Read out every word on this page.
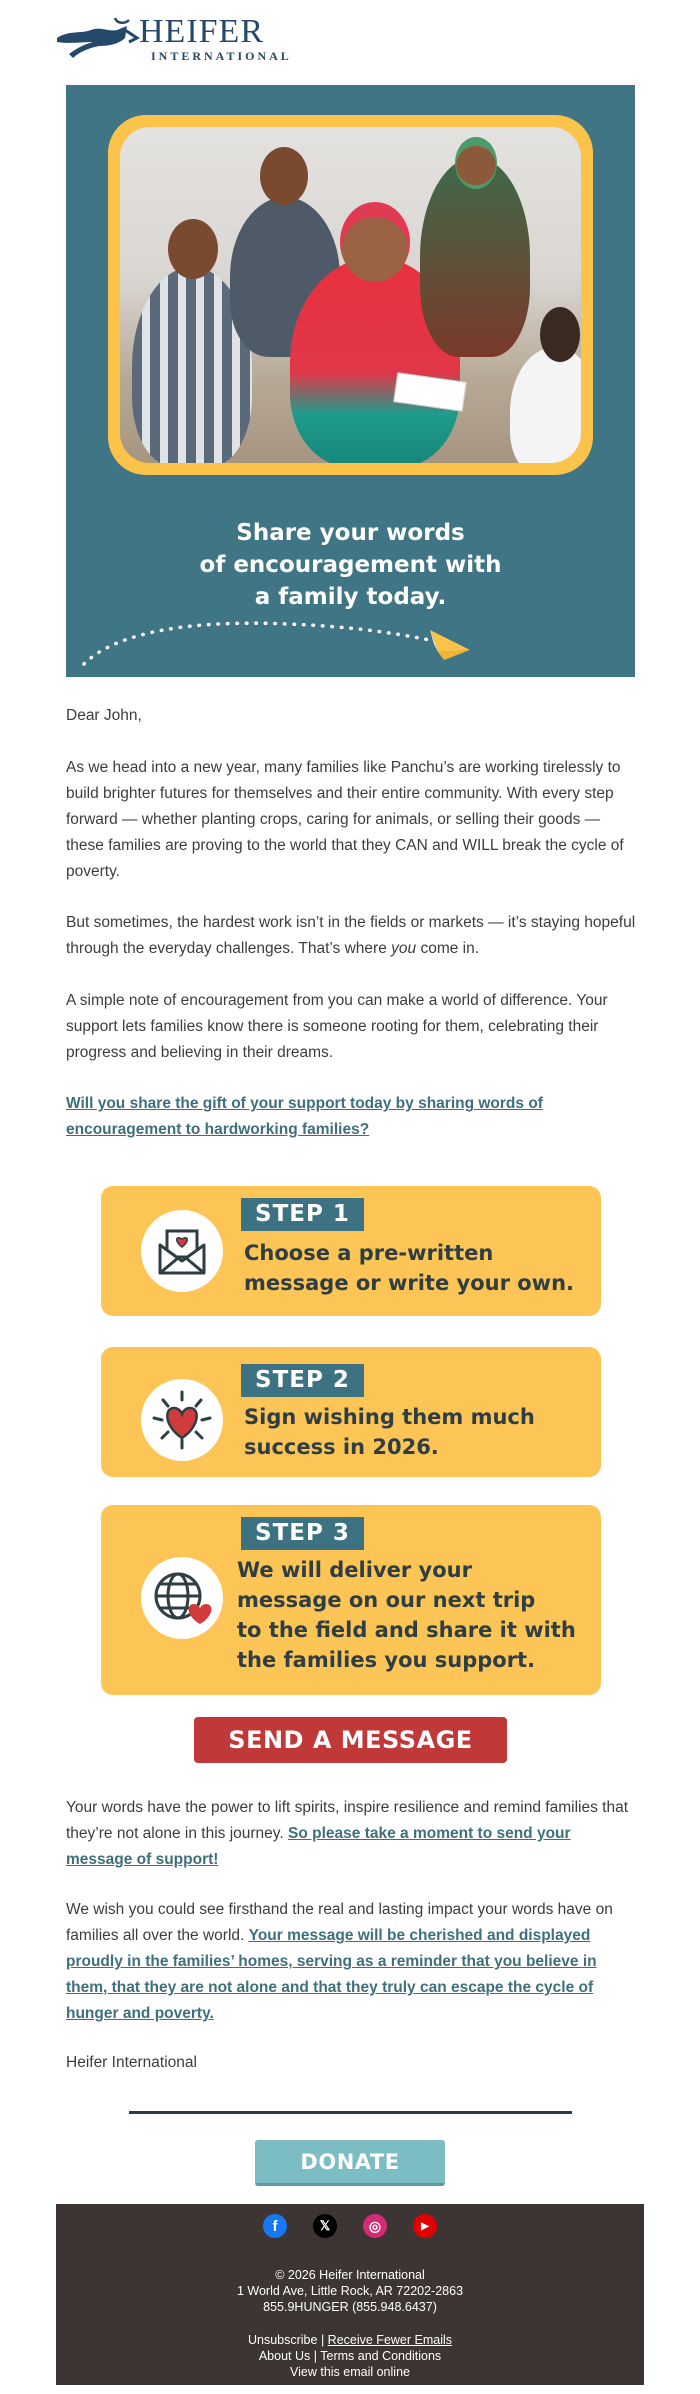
HEIFER
INTERNATIONAL
Share your words
of encouragement with
a family today.
Dear John,
As we head into a new year, many families like Panchu’s are working tirelessly to build brighter futures for themselves and their entire community. With every step forward — whether planting crops, caring for animals, or selling their goods — these families are proving to the world that they CAN and WILL break the cycle of poverty.
But sometimes, the hardest work isn’t in the fields or markets — it’s staying hopeful through the everyday challenges. That’s where you come in.
A simple note of encouragement from you can make a world of difference. Your support lets families know there is someone rooting for them, celebrating their progress and believing in their dreams.
Will you share the gift of your support today by sharing words of encouragement to hardworking families?
STEP 1
Choose a pre-written
message or write your own.
STEP 2
Sign wishing them much
success in 2026.
STEP 3
We will deliver your
message on our next trip
to the field and share it with
the families you support.
SEND A MESSAGE
Your words have the power to lift spirits, inspire resilience and remind families that they’re not alone in this journey. So please take a moment to send your message of support!
We wish you could see firsthand the real and lasting impact your words have on families all over the world. Your message will be cherished and displayed proudly in the families’ homes, serving as a reminder that you believe in them, that they are not alone and that they truly can escape the cycle of hunger and poverty.
Heifer International
DONATE
f	𝕏	◎	▶
© 2026 Heifer International
1 World Ave, Little Rock, AR 72202-2863
855.9HUNGER (855.948.6437)
Unsubscribe | Receive Fewer Emails
About Us | Terms and Conditions
View this email online
